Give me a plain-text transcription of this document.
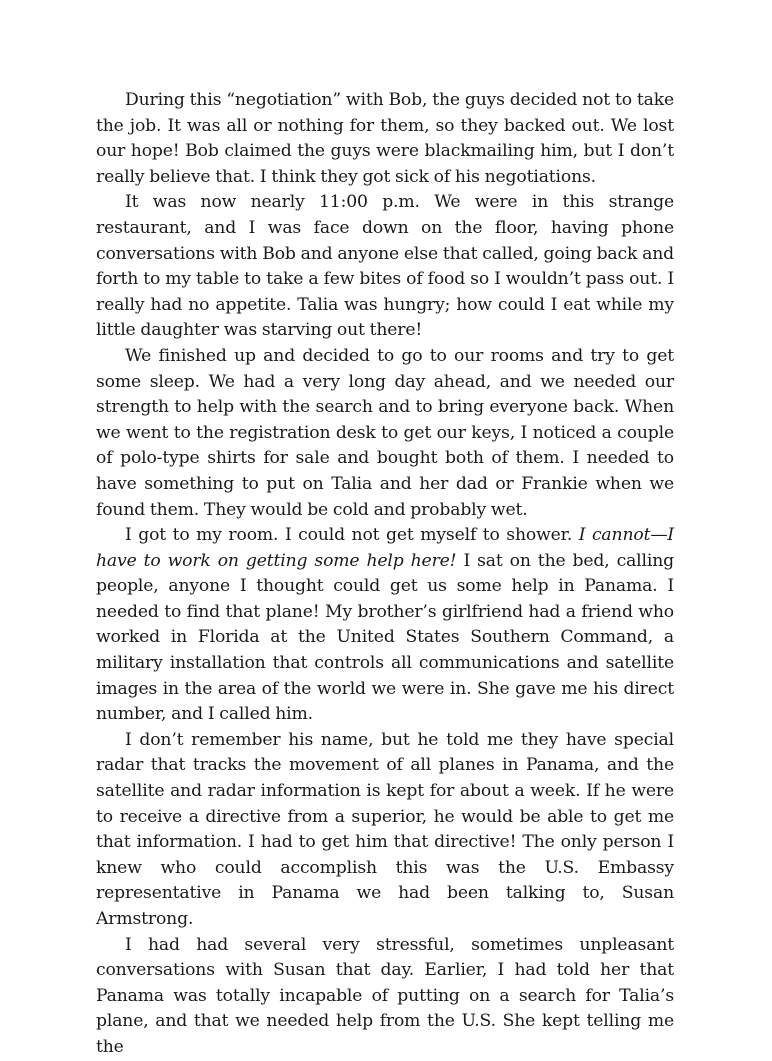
During this “negotiation” with Bob, the guys decided not to take the job. It was all or nothing for them, so they backed out. We lost our hope! Bob claimed the guys were blackmailing him, but I don’t really believe that. I think they got sick of his negotiations.

It was now nearly 11:00 p.m. We were in this strange restaurant, and I was face down on the floor, having phone conversations with Bob and anyone else that called, going back and forth to my table to take a few bites of food so I wouldn’t pass out. I really had no appetite. Talia was hungry; how could I eat while my little daughter was starving out there!

We finished up and decided to go to our rooms and try to get some sleep. We had a very long day ahead, and we needed our strength to help with the search and to bring everyone back. When we went to the registration desk to get our keys, I noticed a couple of polo-type shirts for sale and bought both of them. I needed to have something to put on Talia and her dad or Frankie when we found them. They would be cold and probably wet.

I got to my room. I could not get myself to shower. I cannot—I have to work on getting some help here! I sat on the bed, calling people, anyone I thought could get us some help in Panama. I needed to find that plane! My brother’s girlfriend had a friend who worked in Florida at the United States Southern Command, a military installation that controls all communications and satellite images in the area of the world we were in. She gave me his direct number, and I called him.

I don’t remember his name, but he told me they have special radar that tracks the movement of all planes in Panama, and the satellite and radar information is kept for about a week. If he were to receive a directive from a superior, he would be able to get me that information. I had to get him that directive! The only person I knew who could accomplish this was the U.S. Embassy representative in Panama we had been talking to, Susan Armstrong.

I had had several very stressful, sometimes unpleasant conversations with Susan that day. Earlier, I had told her that Panama was totally incapable of putting on a search for Talia’s plane, and that we needed help from the U.S. She kept telling me the
